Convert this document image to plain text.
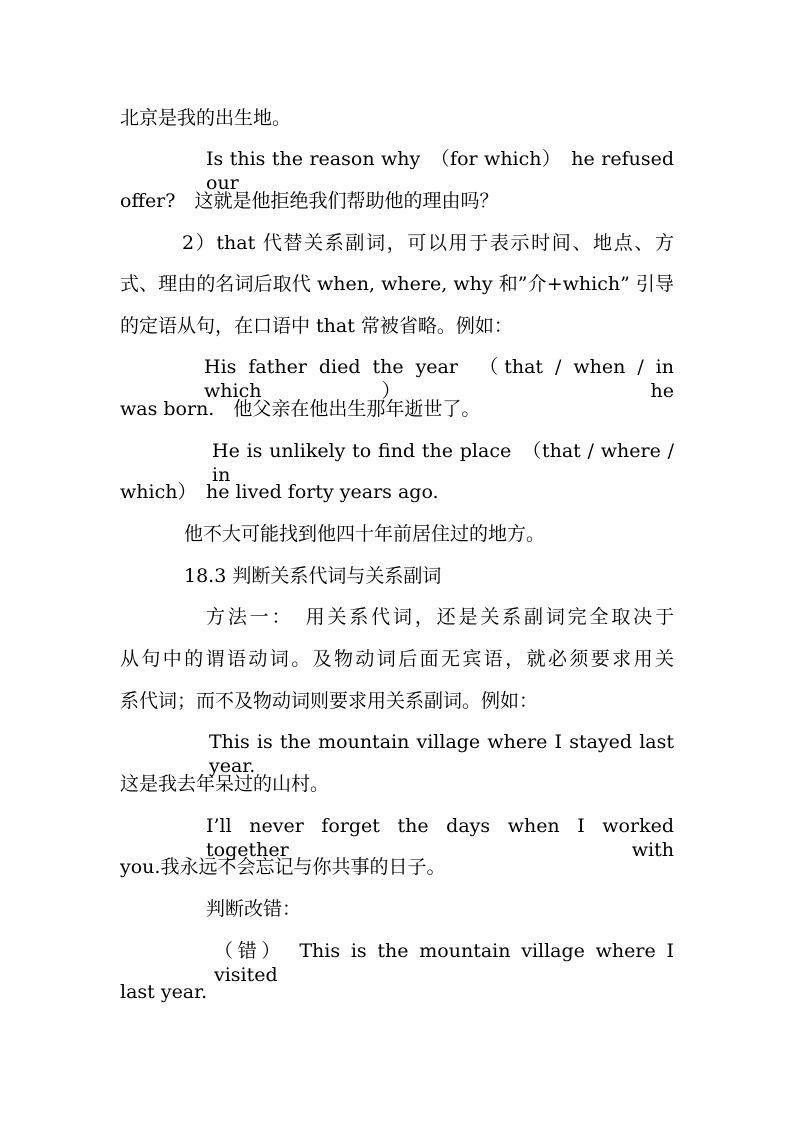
北京是我的出生地。
Is this the reason why　（for which）　he refused our
offer?　这就是他拒绝我们帮助他的理由吗？
2）that 代替关系副词，可以用于表示时间、地点、方
式、理由的名词后取代 when, where, why 和”介+which” 引导
的定语从句，在口语中 that 常被省略。例如：
His father died the year　（that / when / in which）　he
was born.　他父亲在他出生那年逝世了。
He is unlikely to find the place　（that / where / in
which）　he lived forty years ago.
他不大可能找到他四十年前居住过的地方。
18.3 判断关系代词与关系副词
方法一：　用关系代词，还是关系副词完全取决于
从句中的谓语动词。及物动词后面无宾语，就必须要求用关
系代词；而不及物动词则要求用关系副词。例如：
This is the mountain village where I stayed last year.
这是我去年呆过的山村。
I’ll never forget the days when I worked together with
you.我永远不会忘记与你共事的日子。
判断改错：
（错）　This is the mountain village where I visited
last year.
